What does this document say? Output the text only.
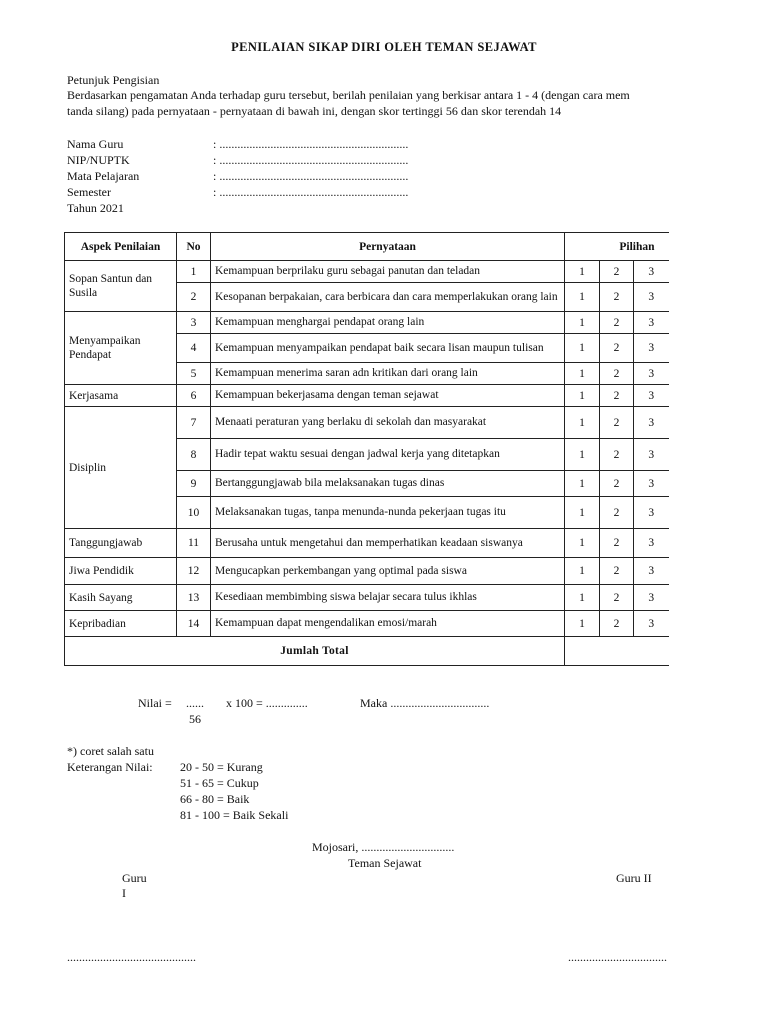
PENILAIAN SIKAP DIRI OLEH TEMAN SEJAWAT
Petunjuk Pengisian
Berdasarkan pengamatan Anda terhadap guru tersebut, berilah penilaian yang berkisar antara 1 - 4 (dengan cara mem
tanda silang) pada pernyataan - pernyataan di bawah ini, dengan skor tertinggi 56 dan skor terendah 14
Nama Guru	: ...............................................................
NIP/NUPTK	: ...............................................................
Mata Pelajaran	: ...............................................................
Semester	: ...............................................................
Tahun 2021
Aspek Penilaian	No	Pernyataan	Pilihan		
Sopan Santun dan Susila	1	Kemampuan berprilaku guru sebagai panutan dan teladan	1	2	3
	2	Kesopanan berpakaian, cara berbicara dan cara memperlakukan orang lain	1	2	3
Menyampaikan Pendapat	3	Kemampuan menghargai pendapat orang lain	1	2	3
	4	Kemampuan menyampaikan pendapat baik secara lisan maupun tulisan	1	2	3
	5	Kemampuan menerima saran adn kritikan dari orang lain	1	2	3
Kerjasama	6	Kemampuan bekerjasama dengan teman sejawat	1	2	3
Disiplin	7	Menaati peraturan yang berlaku di sekolah dan masyarakat	1	2	3
	8	Hadir tepat waktu sesuai dengan jadwal kerja yang ditetapkan	1	2	3
	9	Bertanggungjawab bila melaksanakan tugas dinas	1	2	3
	10	Melaksanakan tugas, tanpa menunda-nunda pekerjaan tugas itu	1	2	3
Tanggungjawab	11	Berusaha untuk mengetahui dan memperhatikan keadaan siswanya	1	2	3
Jiwa Pendidik	12	Mengucapkan perkembangan yang optimal pada siswa	1	2	3
Kasih Sayang	13	Kesediaan membimbing siswa belajar secara tulus ikhlas	1	2	3
Kepribadian	14	Kemampuan dapat mengendalikan emosi/marah	1	2	3
Jumlah Total					
Nilai = ...... x 100 = ..............
56
Maka .................................
*) coret salah satu
Keterangan Nilai: 20 - 50 = Kurang
51 - 65 = Cukup
66 - 80 = Baik
81 - 100 = Baik Sekali
Mojosari, ...............................
Teman Sejawat
Guru
I
Guru II
...........................................	.................................
